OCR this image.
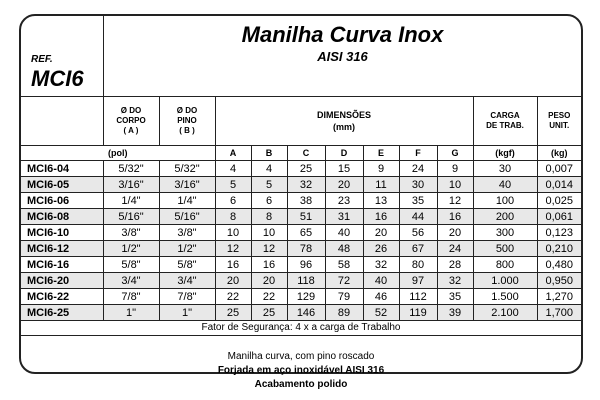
REF.
MCI6
Manilha Curva Inox
AISI 316
	Ø DO
CORPO
( A )	Ø DO
PINO
( B )	DIMENSÕES
(mm)							CARGA
DE TRAB.	PESO
UNIT.
(pol)			A	B	C	D	E	F	G	(kgf)	(kg)
MCI6-04	5/32"	5/32"	4	4	25	15	9	24	9	30	0,007
MCI6-05	3/16"	3/16"	5	5	32	20	11	30	10	40	0,014
MCI6-06	1/4"	1/4"	6	6	38	23	13	35	12	100	0,025
MCI6-08	5/16"	5/16"	8	8	51	31	16	44	16	200	0,061
MCI6-10	3/8"	3/8"	10	10	65	40	20	56	20	300	0,123
MCI6-12	1/2"	1/2"	12	12	78	48	26	67	24	500	0,210
MCI6-16	5/8"	5/8"	16	16	96	58	32	80	28	800	0,480
MCI6-20	3/4"	3/4"	20	20	118	72	40	97	32	1.000	0,950
MCI6-22	7/8"	7/8"	22	22	129	79	46	112	35	1.500	1,270
MCI6-25	1"	1"	25	25	146	89	52	119	39	2.100	1,700
Fator de Segurança: 4 x a carga de Trabalho
Manilha curva, com pino roscado
Forjada em aço inoxidável AISI 316
Acabamento polido
